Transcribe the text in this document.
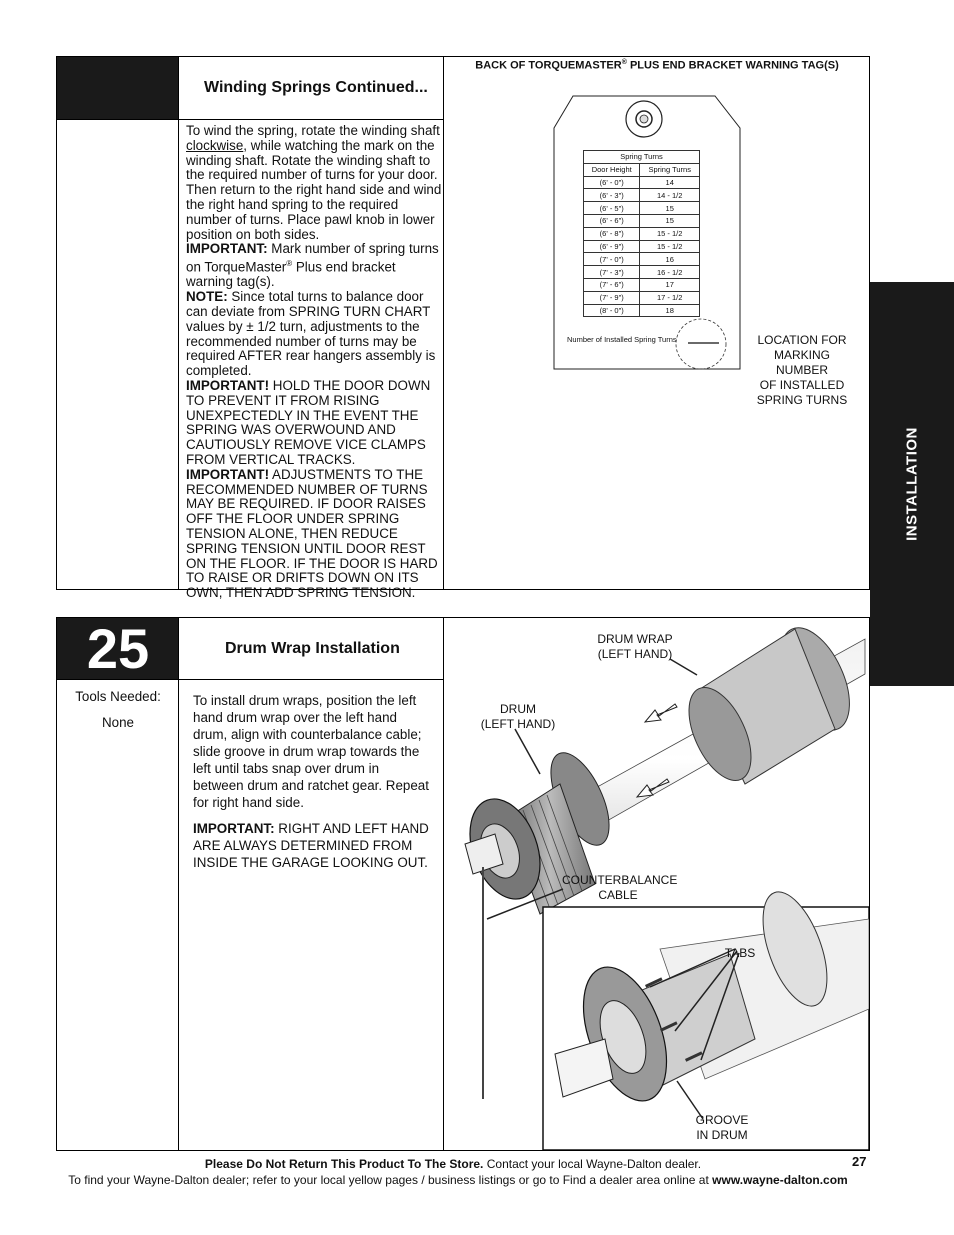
Winding Springs Continued...
To wind the spring, rotate the winding shaft clockwise, while watching the mark on the winding shaft. Rotate the winding shaft to the required number of turns for your door. Then return to the right hand side and wind the right hand spring to the required number of turns. Place pawl knob in lower position on both sides.
IMPORTANT: Mark number of spring turns on TorqueMaster® Plus end bracket warning tag(s).
NOTE: Since total turns to balance door can deviate from SPRING TURN CHART values by ± 1/2 turn, adjustments to the recommended number of turns may be required AFTER rear hangers assembly is completed.
IMPORTANT! HOLD THE DOOR DOWN TO PREVENT IT FROM RISING UNEXPECTEDLY IN THE EVENT THE SPRING WAS OVERWOUND AND CAUTIOUSLY REMOVE VICE CLAMPS FROM VERTICAL TRACKS.
IMPORTANT! ADJUSTMENTS TO THE RECOMMENDED NUMBER OF TURNS MAY BE REQUIRED. IF DOOR RAISES OFF THE FLOOR UNDER SPRING TENSION ALONE, THEN REDUCE SPRING TENSION UNTIL DOOR REST ON THE FLOOR. IF THE DOOR IS HARD TO RAISE OR DRIFTS DOWN ON ITS OWN, THEN ADD SPRING TENSION.
BACK OF TORQUEMASTER® PLUS END BRACKET WARNING TAG(S)
Spring Turns	
Door Height	Spring Turns
(6' - 0")	14
(6' - 3")	14 - 1/2
(6' - 5")	15
(6' - 6")	15
(6' - 8")	15 - 1/2
(6' - 9")	15 - 1/2
(7' - 0")	16
(7' - 3")	16 - 1/2
(7' - 6")	17
(7' - 9")	17 - 1/2
(8' - 0")	18
Number of Installed Spring Turns	LOCATION FOR
MARKING NUMBER
OF INSTALLED
SPRING TURNS
INSTALLATION
25	Drum Wrap Installation
Tools Needed:
None
To install drum wraps, position the left hand drum wrap over the left hand drum, align with counterbalance cable; slide groove in drum wrap towards the left until tabs snap over drum in between drum and ratchet gear. Repeat for right hand side.
IMPORTANT: RIGHT AND LEFT HAND ARE ALWAYS DETERMINED FROM INSIDE THE GARAGE LOOKING OUT.
DRUM WRAP
(LEFT HAND)
DRUM
(LEFT HAND)
COUNTERBALANCE
CABLE
TABS
GROOVE
IN DRUM
Please Do Not Return This Product To The Store. Contact your local Wayne-Dalton dealer.	27
To find your Wayne-Dalton dealer; refer to your local yellow pages / business listings or go to Find a dealer area online at www.wayne-dalton.com
